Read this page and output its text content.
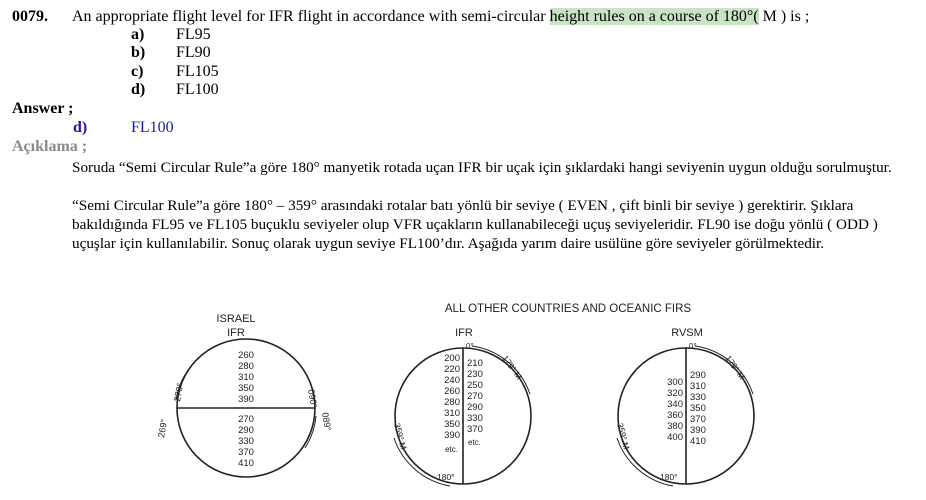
0079. An appropriate flight level for IFR flight in accordance with semi-circular height rules on a course of 180°( M ) is ;
a) FL95
b) FL90
c) FL105
d) FL100
Answer ;
d)	FL100
Açıklama ;
Soruda “Semi Circular Rule”a göre 180° manyetik rotada uçan IFR bir uçak için şıklardaki hangi seviyenin uygun olduğu sorulmuştur.
“Semi Circular Rule”a göre 180° – 359° arasındaki rotalar batı yönlü bir seviye ( EVEN , çift binli bir seviye ) gerektirir. Şıklara bakıldığında FL95 ve FL105 buçuklu seviyeler olup VFR uçakların kullanabileceği uçuş seviyeleridir. FL90 ise doğu yönlü ( ODD ) uçuşlar için kullanılabilir. Sonuç olarak uygun seviye FL100’dır. Aşağıda yarım daire usülüne göre seviyeler görülmektedir.
ALL OTHER COUNTRIES AND OCEANIC FIRS
ISRAEL
IFR
260
280
310
350
390
270
290
330
370
410
270°
269°
090°
089°
IFR
200
220
240
260
280
310
350
390
etc.
210
230
250
270
290
330
370
etc.
0°
179° M
359° M
180°
RVSM
300
320
340
360
380
400
290
310
330
350
370
390
410
0°
179° M
359° M
180°
